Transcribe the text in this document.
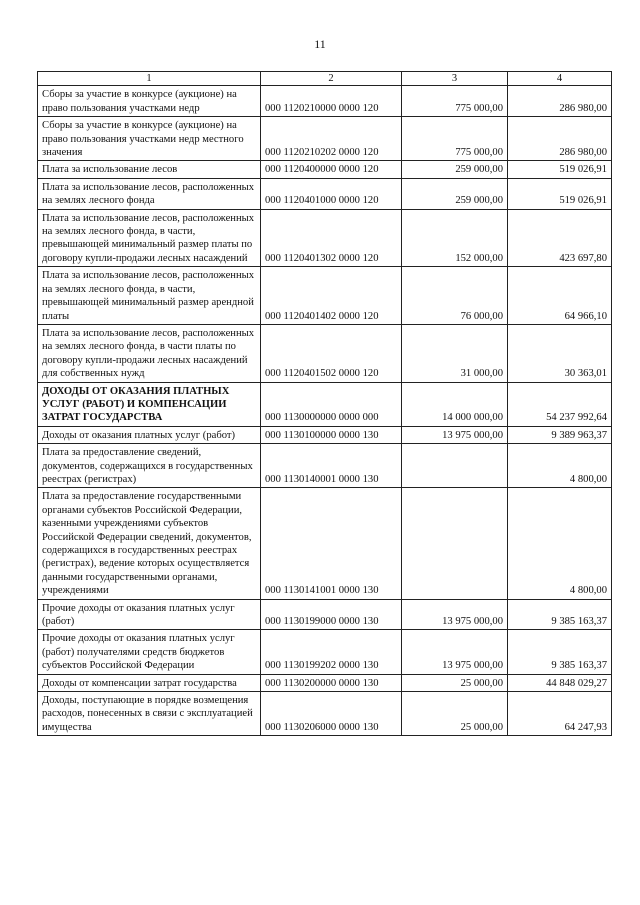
11
1	2	3	4
Сборы за участие в конкурсе (аукционе) на право пользования участками недр	000 1120210000 0000 120	775 000,00	286 980,00
Сборы за участие в конкурсе (аукционе) на право пользования участками недр местного значения	000 1120210202 0000 120	775 000,00	286 980,00
Плата за использование лесов	000 1120400000 0000 120	259 000,00	519 026,91
Плата за использование лесов, расположенных на землях лесного фонда	000 1120401000 0000 120	259 000,00	519 026,91
Плата за использование лесов, расположенных на землях лесного фонда, в части, превышающей минимальный размер платы по договору купли-продажи лесных насаждений	000 1120401302 0000 120	152 000,00	423 697,80
Плата за использование лесов, расположенных на землях лесного фонда, в части, превышающей минимальный размер арендной платы	000 1120401402 0000 120	76 000,00	64 966,10
Плата за использование лесов, расположенных на землях лесного фонда, в части платы по договору купли-продажи лесных насаждений для собственных нужд	000 1120401502 0000 120	31 000,00	30 363,01
ДОХОДЫ ОТ ОКАЗАНИЯ ПЛАТНЫХ УСЛУГ (РАБОТ) И КОМПЕНСАЦИИ ЗАТРАТ ГОСУДАРСТВА	000 1130000000 0000 000	14 000 000,00	54 237 992,64
Доходы от оказания платных услуг (работ)	000 1130100000 0000 130	13 975 000,00	9 389 963,37
Плата за предоставление сведений, документов, содержащихся в государственных реестрах (регистрах)	000 1130140001 0000 130		4 800,00
Плата за предоставление государственными органами субъектов Российской Федерации, казенными учреждениями субъектов Российской Федерации сведений, документов, содержащихся в государственных реестрах (регистрах), ведение которых осуществляется данными государственными органами, учреждениями	000 1130141001 0000 130		4 800,00
Прочие доходы от оказания платных услуг (работ)	000 1130199000 0000 130	13 975 000,00	9 385 163,37
Прочие доходы от оказания платных услуг (работ) получателями средств бюджетов субъектов Российской Федерации	000 1130199202 0000 130	13 975 000,00	9 385 163,37
Доходы от компенсации затрат государства	000 1130200000 0000 130	25 000,00	44 848 029,27
Доходы, поступающие в порядке возмещения расходов, понесенных в связи с эксплуатацией имущества	000 1130206000 0000 130	25 000,00	64 247,93
